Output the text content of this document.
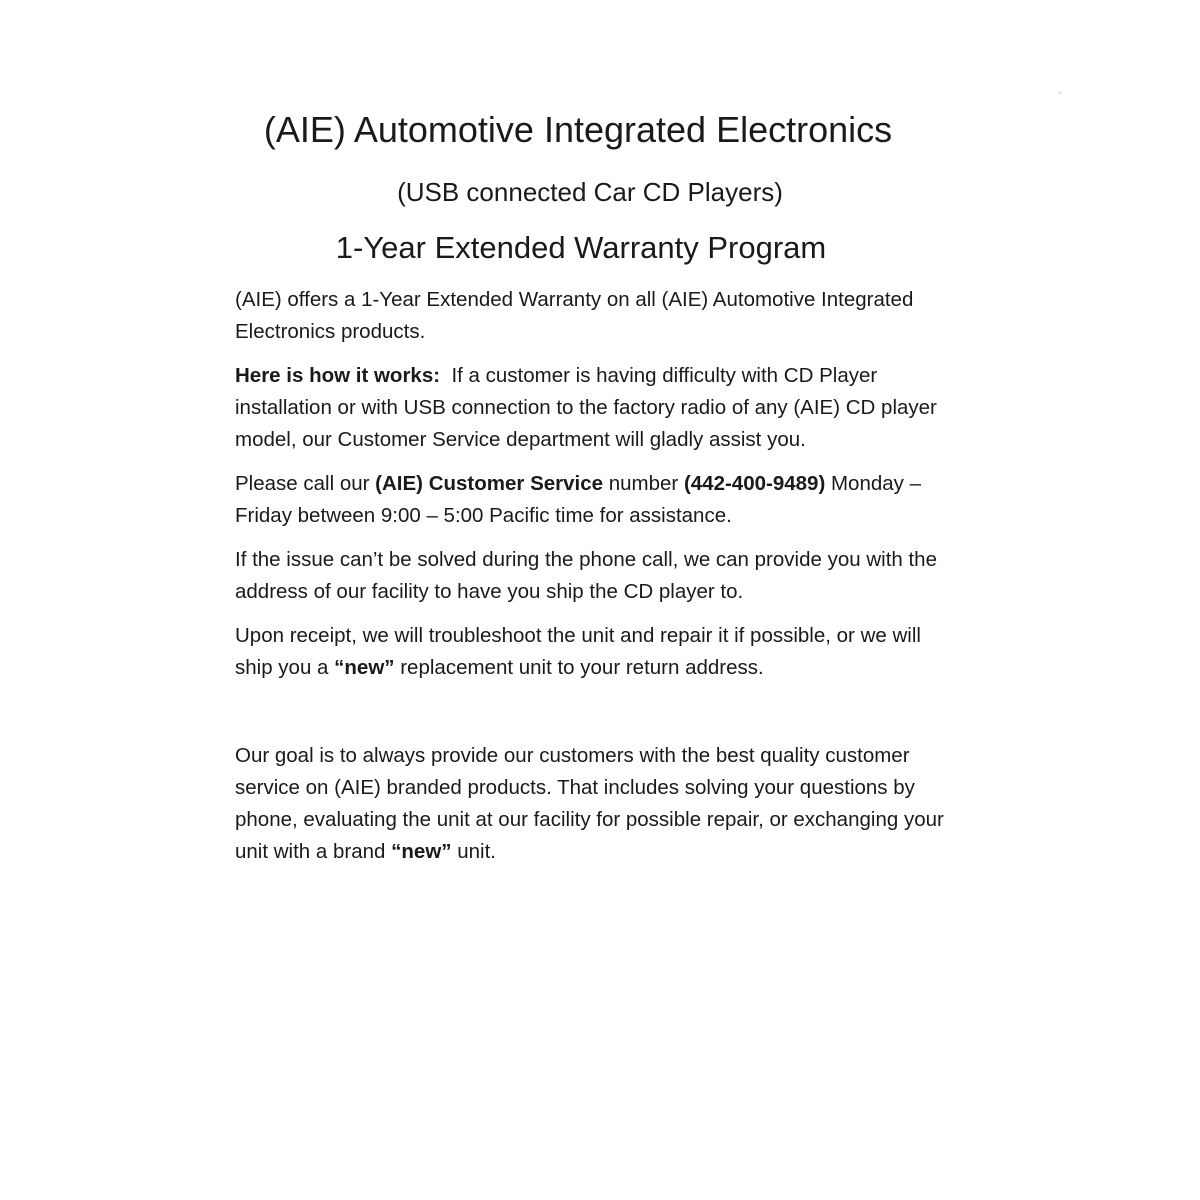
(AIE) Automotive Integrated Electronics

(USB connected Car CD Players)

1-Year Extended Warranty Program

(AIE) offers a 1-Year Extended Warranty on all (AIE) Automotive Integrated Electronics products.

Here is how it works: If a customer is having difficulty with CD Player installation or with USB connection to the factory radio of any (AIE) CD player model, our Customer Service department will gladly assist you.

Please call our (AIE) Customer Service number (442-400-9489) Monday – Friday between 9:00 – 5:00 Pacific time for assistance.

If the issue can’t be solved during the phone call, we can provide you with the address of our facility to have you ship the CD player to.

Upon receipt, we will troubleshoot the unit and repair it if possible, or we will ship you a “new” replacement unit to your return address.

Our goal is to always provide our customers with the best quality customer service on (AIE) branded products. That includes solving your questions by phone, evaluating the unit at our facility for possible repair, or exchanging your unit with a brand “new” unit.
